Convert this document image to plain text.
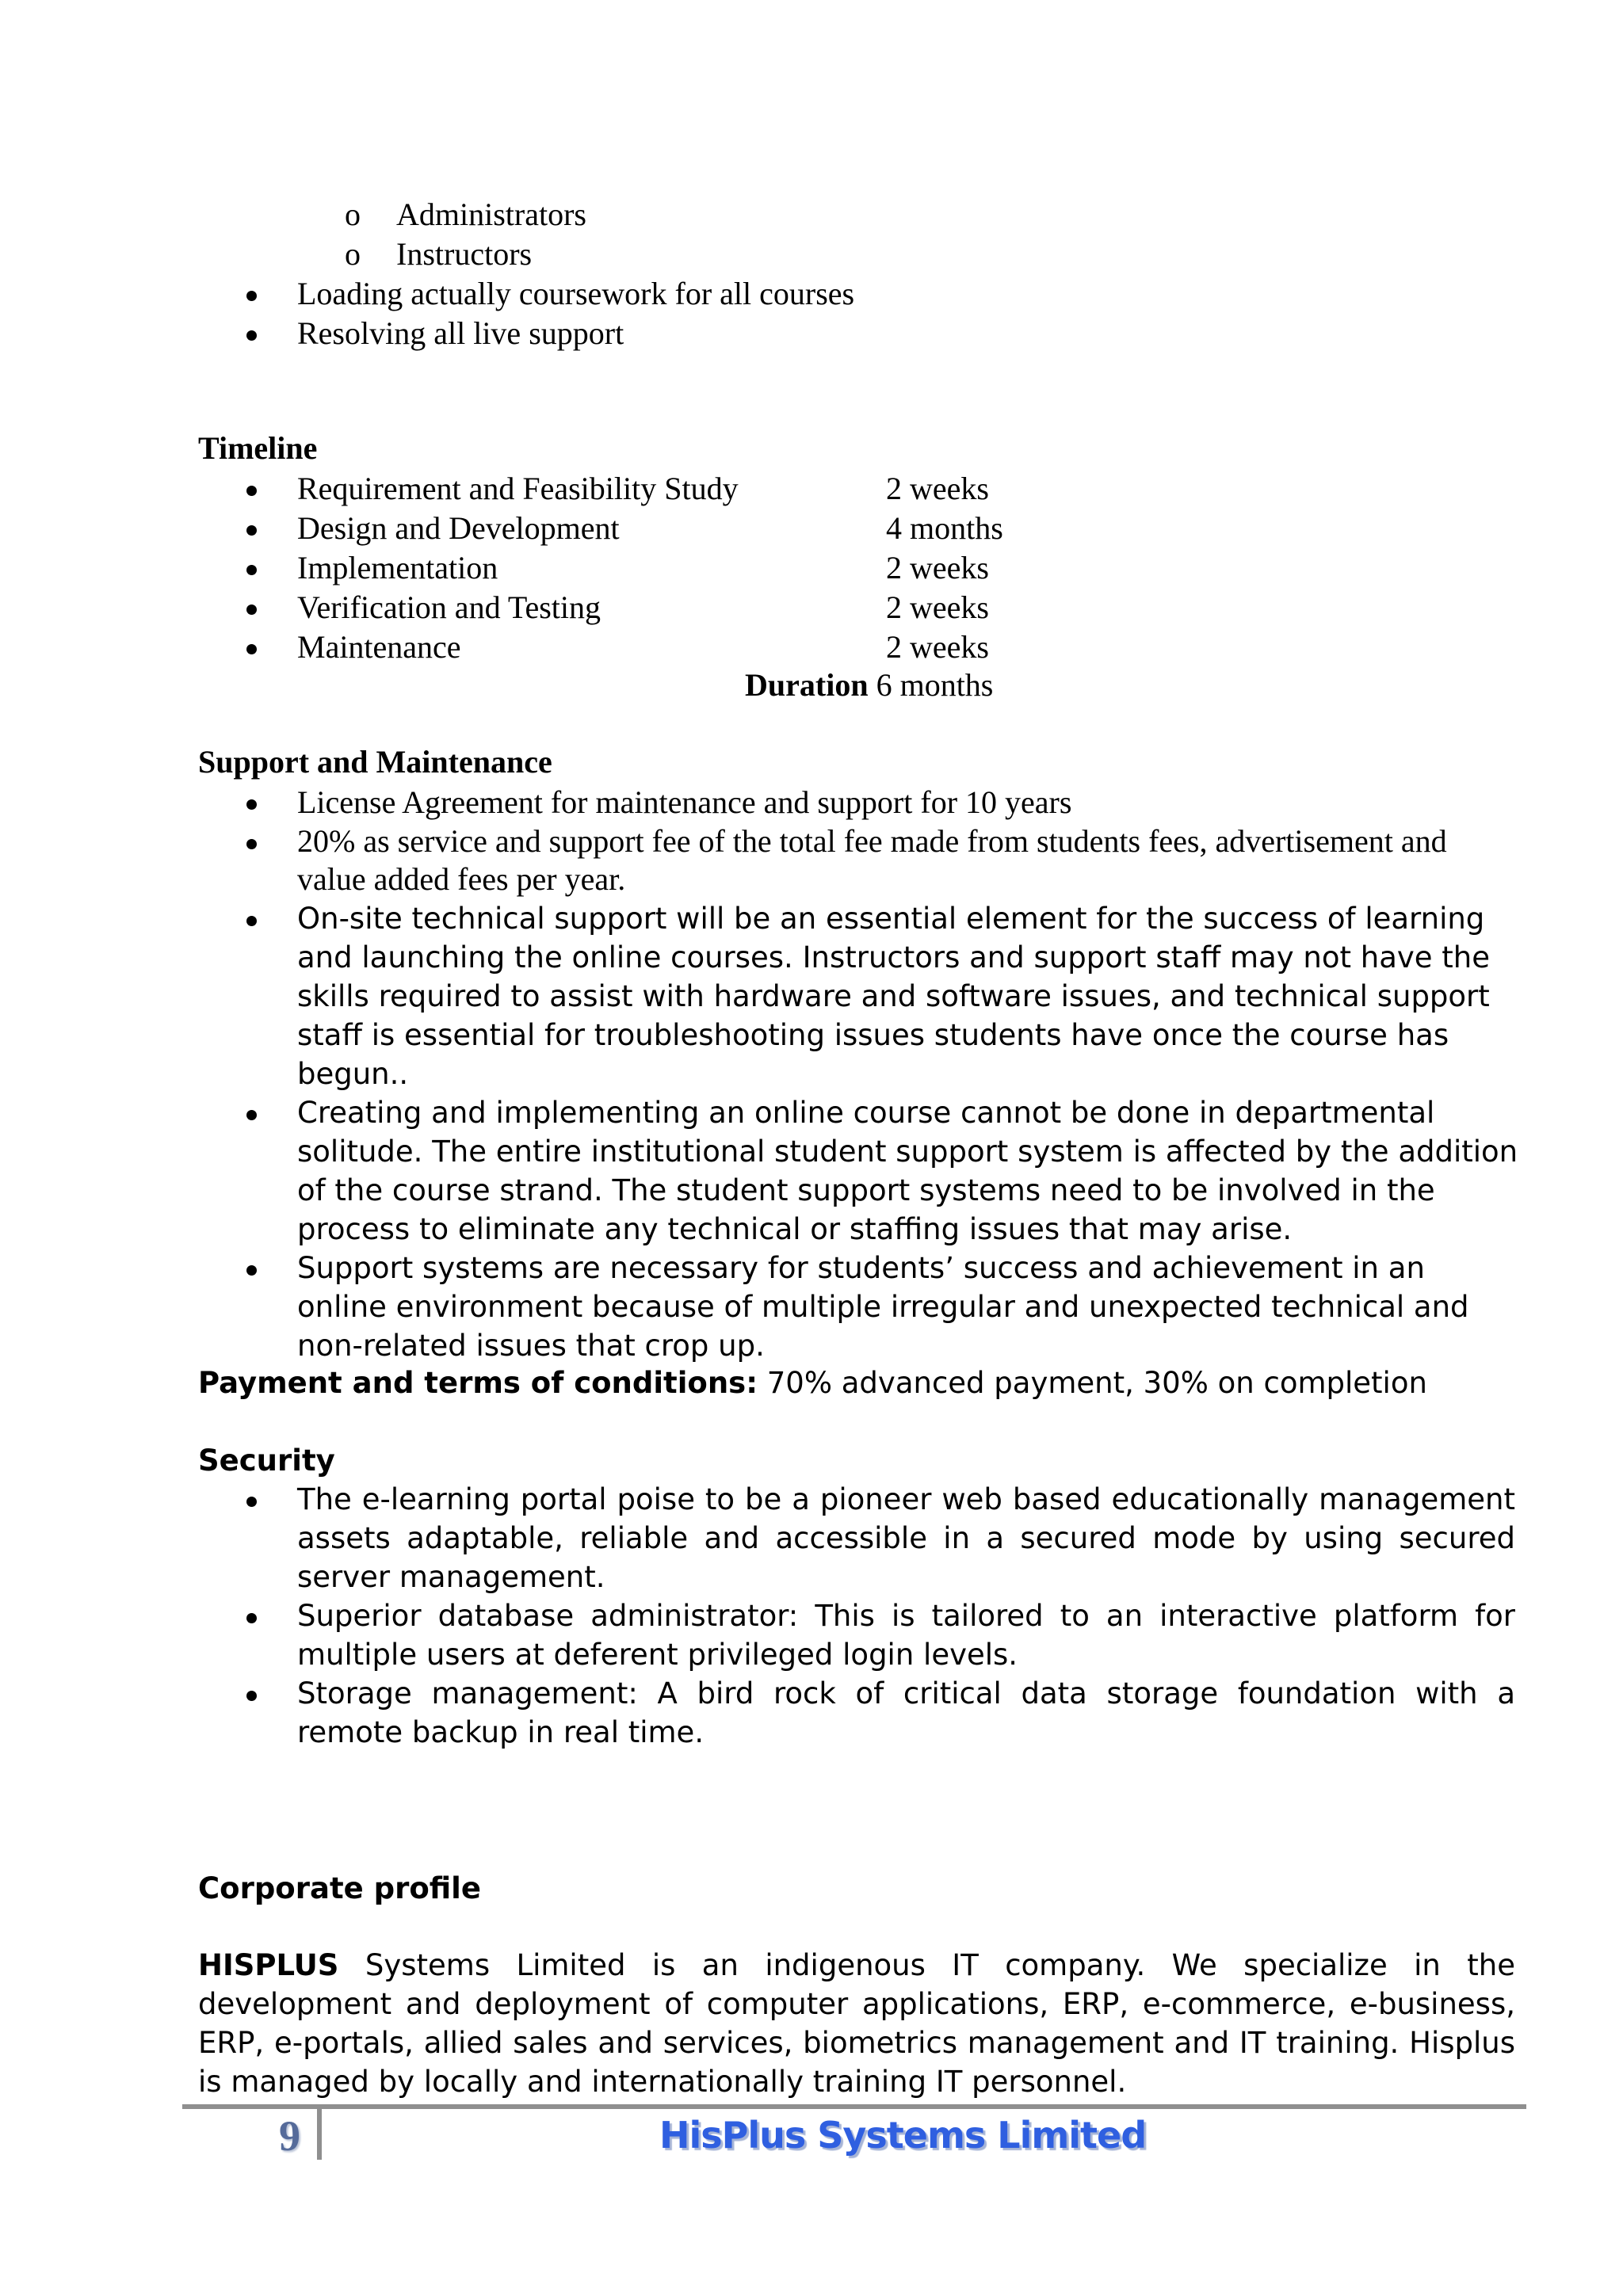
o Administrators
o Instructors
Loading actually coursework for all courses
Resolving all live support
Timeline
Requirement and Feasibility Study	2 weeks
Design and Development	4 months
Implementation	2 weeks
Verification and Testing	2 weeks
Maintenance	2 weeks
Duration 6 months
Support and Maintenance
License Agreement for maintenance and support for 10 years
20% as service and support fee of the total fee made from students fees, advertisement and value added fees per year.
On-site technical support will be an essential element for the success of learning and launching the online courses. Instructors and support staff may not have the skills required to assist with hardware and software issues, and technical support staff is essential for troubleshooting issues students have once the course has begun..
Creating and implementing an online course cannot be done in departmental solitude. The entire institutional student support system is affected by the addition of the course strand. The student support systems need to be involved in the process to eliminate any technical or staffing issues that may arise.
Support systems are necessary for students’ success and achievement in an online environment because of multiple irregular and unexpected technical and non-related issues that crop up.
Payment and terms of conditions: 70% advanced payment, 30% on completion
Security
The e-learning portal poise to be a pioneer web based educationally management assets adaptable, reliable and accessible in a secured mode by using secured server management.
Superior database administrator: This is tailored to an interactive platform for multiple users at deferent privileged login levels.
Storage management: A bird rock of critical data storage foundation with a remote backup in real time.
Corporate profile
HISPLUS Systems Limited is an indigenous IT company. We specialize in the development and deployment of computer applications, ERP, e-commerce, e-business, ERP, e-portals, allied sales and services, biometrics management and IT training. Hisplus is managed by locally and internationally training IT personnel.
9	HisPlus Systems Limited
